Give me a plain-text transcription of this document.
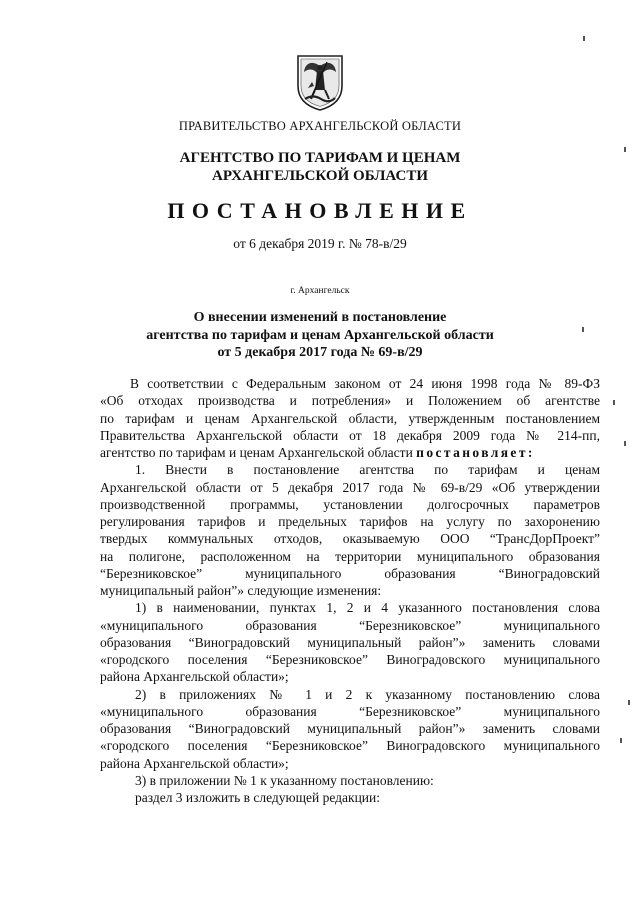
ПРАВИТЕЛЬСТВО АРХАНГЕЛЬСКОЙ ОБЛАСТИ
АГЕНТСТВО ПО ТАРИФАМ И ЦЕНАМ
АРХАНГЕЛЬСКОЙ ОБЛАСТИ
ПОСТАНОВЛЕНИЕ
от 6 декабря 2019 г. № 78-в/29
г. Архангельск
О внесении изменений в постановление
агентства по тарифам и ценам Архангельской области
от 5 декабря 2017 года № 69-в/29
В соответствии с Федеральным законом от 24 июня 1998 года № 89-ФЗ
«Об отходах производства и потребления» и Положением об агентстве
по тарифам и ценам Архангельской области, утвержденным постановлением
Правительства Архангельской области от 18 декабря 2009 года № 214-пп,
агентство по тарифам и ценам Архангельской области постановляет:
1. Внести в постановление агентства по тарифам и ценам
Архангельской области от 5 декабря 2017 года № 69-в/29 «Об утверждении
производственной программы, установлении долгосрочных параметров
регулирования тарифов и предельных тарифов на услугу по захоронению
твердых коммунальных отходов, оказываемую ООО “ТрансДорПроект”
на полигоне, расположенном на территории муниципального образования
“Березниковское” муниципального образования “Виноградовский
муниципальный район”» следующие изменения:
1) в наименовании, пунктах 1, 2 и 4 указанного постановления слова
«муниципального образования “Березниковское” муниципального
образования “Виноградовский муниципальный район”» заменить словами
«городского поселения “Березниковское” Виноградовского муниципального
района Архангельской области»;
2) в приложениях № 1 и 2 к указанному постановлению слова
«муниципального образования “Березниковское” муниципального
образования “Виноградовский муниципальный район”» заменить словами
«городского поселения “Березниковское” Виноградовского муниципального
района Архангельской области»;
3) в приложении № 1 к указанному постановлению:
раздел 3 изложить в следующей редакции:
